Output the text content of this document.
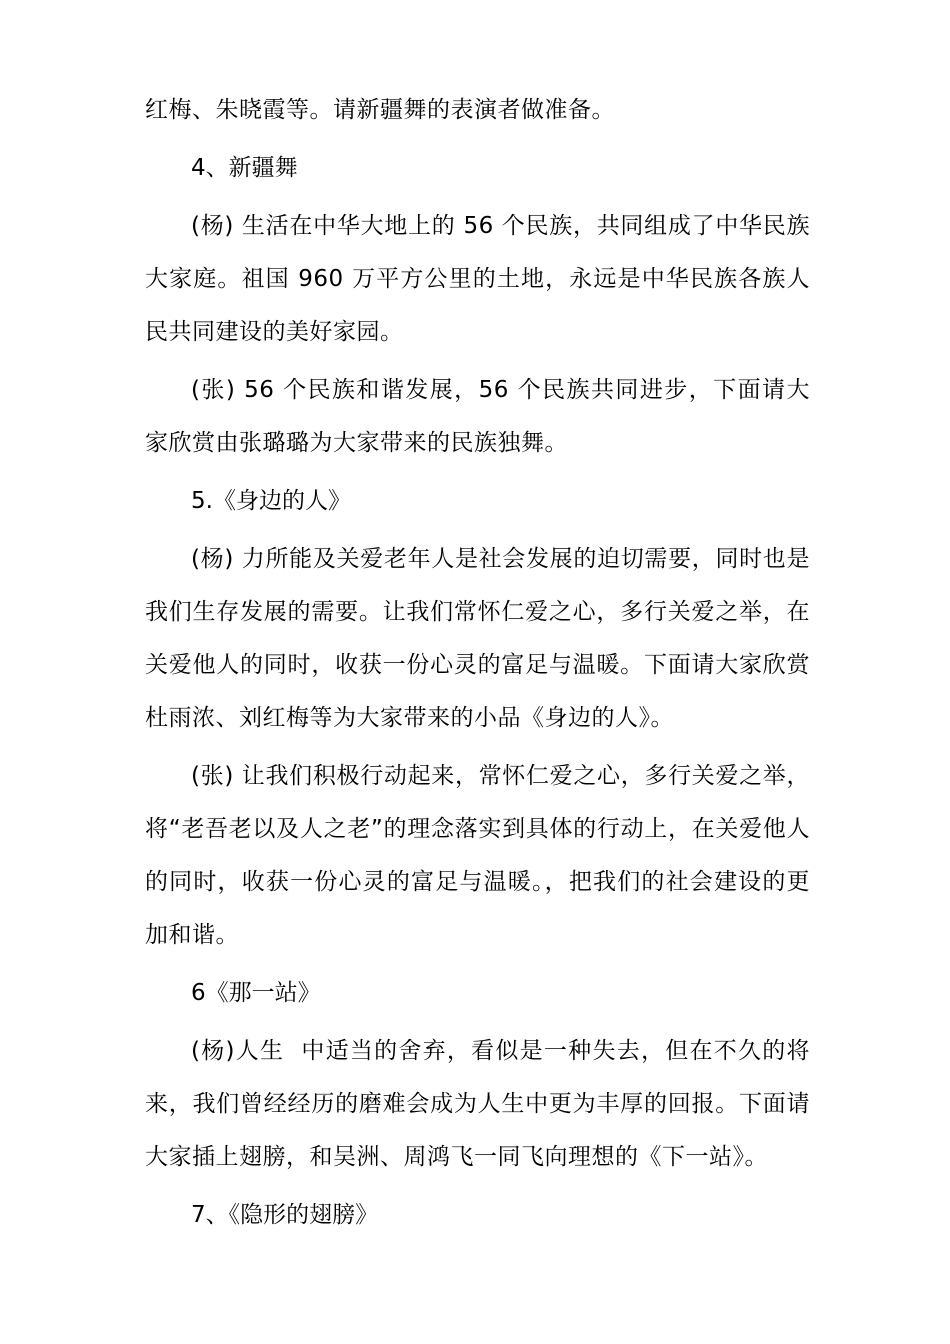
红梅、朱晓霞等。请新疆舞的表演者做准备。

4、新疆舞

(杨) 生活在中华大地上的 56 个民族，共同组成了中华民族大家庭。祖国 960 万平方公里的土地，永远是中华民族各族人民共同建设的美好家园。

(张) 56 个民族和谐发展，56 个民族共同进步，下面请大家欣赏由张璐璐为大家带来的民族独舞。

5.《身边的人》

(杨) 力所能及关爱老年人是社会发展的迫切需要，同时也是我们生存发展的需要。让我们常怀仁爱之心，多行关爱之举，在关爱他人的同时，收获一份心灵的富足与温暖。下面请大家欣赏杜雨浓、刘红梅等为大家带来的小品《身边的人》。

(张) 让我们积极行动起来，常怀仁爱之心，多行关爱之举，将“老吾老以及人之老”的理念落实到具体的行动上，在关爱他人的同时，收获一份心灵的富足与温暖。，把我们的社会建设的更加和谐。

6《那一站》

(杨)人生  中适当的舍弃，看似是一种失去，但在不久的将来，我们曾经经历的磨难会成为人生中更为丰厚的回报。下面请大家插上翅膀，和吴洲、周鸿飞一同飞向理想的《下一站》。

7、《隐形的翅膀》
